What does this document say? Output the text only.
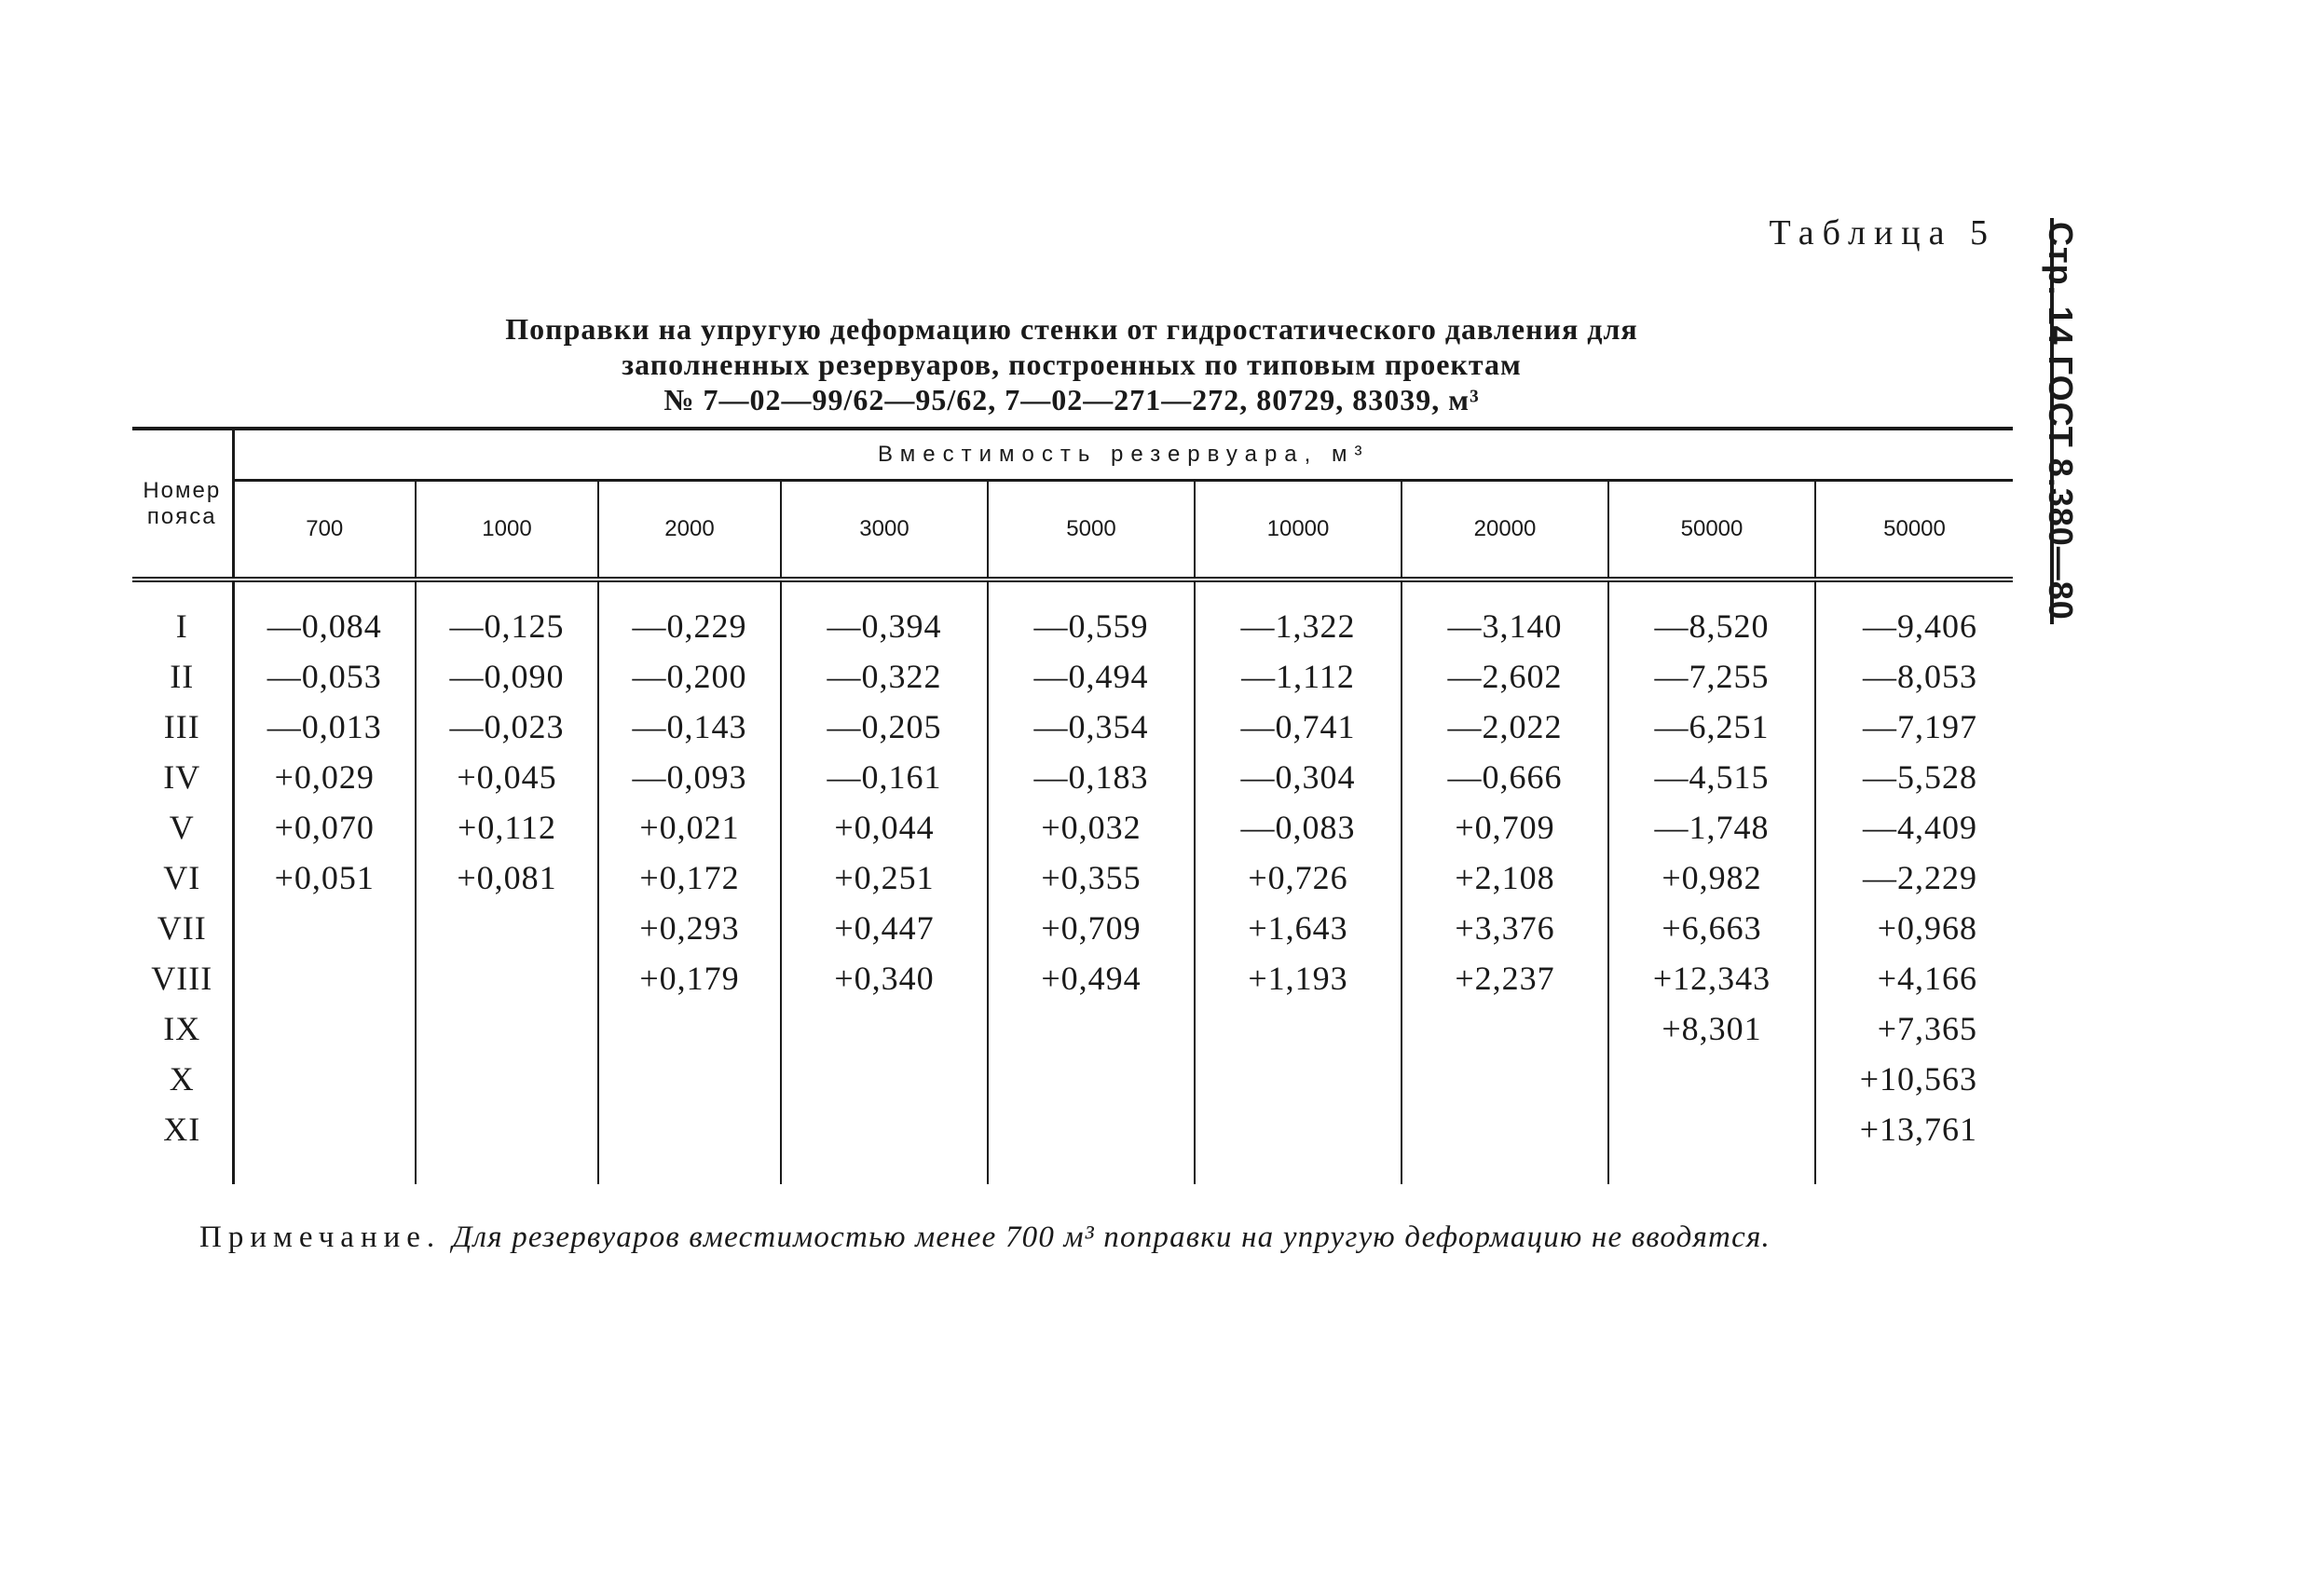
Таблица 5 Стр. 14 ГОСТ 8.380—80
Поправки на упругую деформацию стенки от гидростатического давления для
заполненных резервуаров, построенных по типовым проектам
№ 7—02—99/62—95/62, 7—02—271—272, 80729, 83039, м³
Номер пояса	Вместимость резервуара, м³								
	700	1000	2000	3000	5000	10000	20000	50000	50000

I	—0,084	—0,125	—0,229	—0,394	—0,559	—1,322	—3,140	—8,520	—9,406
II	—0,053	—0,090	—0,200	—0,322	—0,494	—1,112	—2,602	—7,255	—8,053
III	—0,013	—0,023	—0,143	—0,205	—0,354	—0,741	—2,022	—6,251	—7,197
IV	+0,029	+0,045	—0,093	—0,161	—0,183	—0,304	—0,666	—4,515	—5,528
V	+0,070	+0,112	+0,021	+0,044	+0,032	—0,083	+0,709	—1,748	—4,409
VI	+0,051	+0,081	+0,172	+0,251	+0,355	+0,726	+2,108	+0,982	—2,229
VII			+0,293	+0,447	+0,709	+1,643	+3,376	+6,663	+0,968
VIII			+0,179	+0,340	+0,494	+1,193	+2,237	+12,343	+4,166
IX								+8,301	+7,365
X									+10,563
XI									+13,761

Примечание. Для резервуаров вместимостью менее 700 м³ поправки на упругую деформацию не вводятся.
